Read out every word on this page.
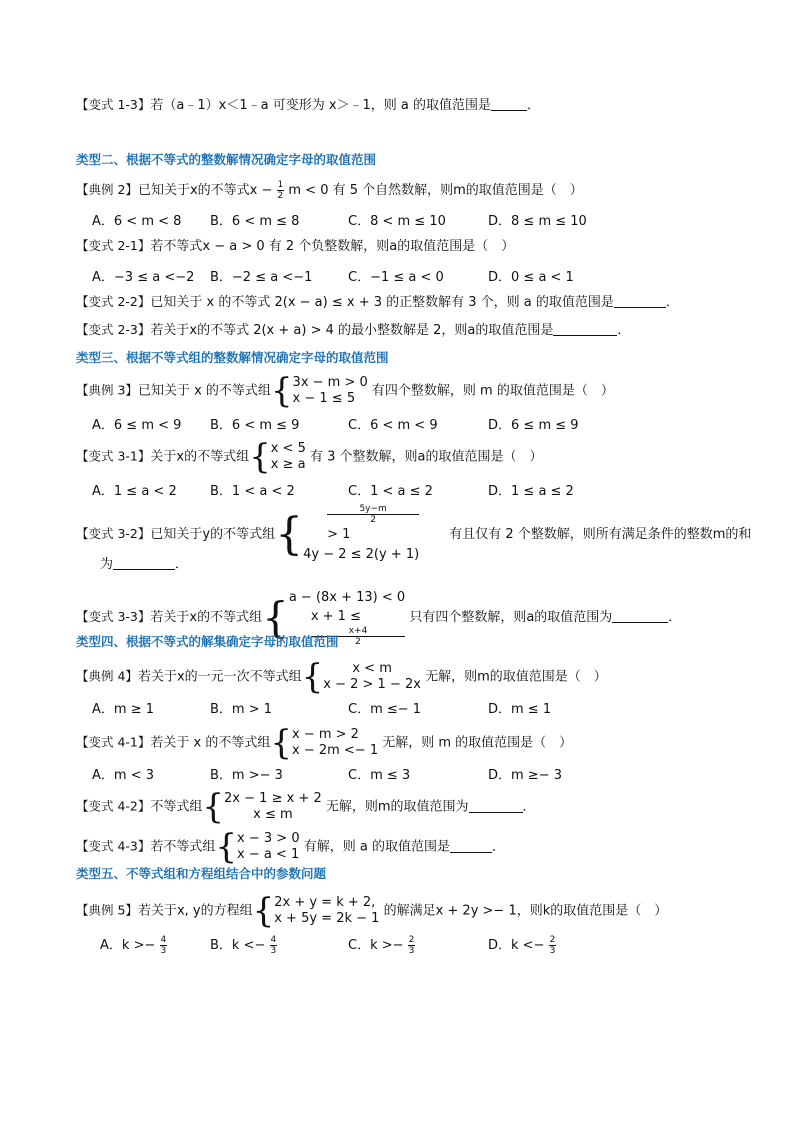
【变式 1-3】若（a﹣1）x＜1﹣a 可变形为 x＞﹣1，则 a 的取值范围是	．
类型二、根据不等式的整数解情况确定字母的取值范围
【典例 2】已知关于x的不等式$x - \frac{1}{2}$ m < 0 有 5 个自然数解，则m的取值范围是（　）
A．6 < m < 8 B．6 < m ≤ 8	C．8 < m ≤ 10	D．8 ≤ m ≤ 10
【变式 2-1】若不等式x − a > 0 有 2 个负整数解，则a的取值范围是（　）
A．−3 ≤ a <−2 B．−2 ≤ a <−1	C．−1 ≤ a < 0	D．0 ≤ a < 1
【变式 2-2】已知关于 x 的不等式 2(x − a) ≤ x + 3 的正整数解有 3 个，则 a 的取值范围是	．
【变式 2-3】若关于x的不等式 2(x + a) > 4 的最小整数解是 2，则a的取值范围是	．
类型三、根据不等式组的整数解情况确定字母的取值范围
【典例 3】已知关于 x 的不等式组 { 3x − m > 0
x − 1 ≤ 5	有四个整数解，则 m 的取值范围是（　）
A．6 ≤ m < 9 B．6 < m ≤ 9	C．6 < m < 9	D．6 ≤ m ≤ 9
【变式 3-1】关于x的不等式组 { x < 5
x ≥ a 有 3 个整数解，则a的取值范围是（　）
A．1 ≤ a < 2	B．1 < a < 2	C．1 < a ≤ 2	D．1 ≤ a ≤ 2
【变式 3-2】已知关于y的不等式组 {	5y−m
2
> 1
4y − 2 ≤ 2(y + 1)
有且仅有 2 个整数解，则所有满足条件的整数m的和
为	．
【变式 3-3】若关于x的不等式组 { a − (8x + 13) < 0
x + 1 ≤
x+4
2
只有四个整数解，则a的取值范围为	．
类型四、根据不等式的解集确定字母的取值范围
【典例 4】若关于x的一元一次不等式组 {	x < m
x − 2 > 1 − 2x 无解，则m的取值范围是（　）
A．m ≥ 1	B．m > 1	C．m ≤− 1	D．m ≤ 1
【变式 4-1】若关于 x 的不等式组 { x − m > 2
x − 2m <− 1 无解，则 m 的取值范围是（　）
A．m < 3	B．m >− 3	C．m ≤ 3	D．m ≥− 3
【变式 4-2】不等式组 { 2x − 1 ≥ x + 2
x ≤ m	无解，则m的取值范围为	．
【变式 4-3】若不等式组 { x − 3 > 0
x − a < 1 有解，则 a 的取值范围是	．
类型五、不等式组和方程组结合中的参数问题
【典例 5】若关于x, y的方程组 { 2x + y = k + 2,
x + 5y = 2k − 1 的解满足x + 2y >− 1，则k的取值范围是（　）
A．$k >- \frac{4}{3}$	B．$k <- \frac{4}{3}$	C．$k >- \frac{2}{3}$	D．$k <- \frac{2}{3}$
